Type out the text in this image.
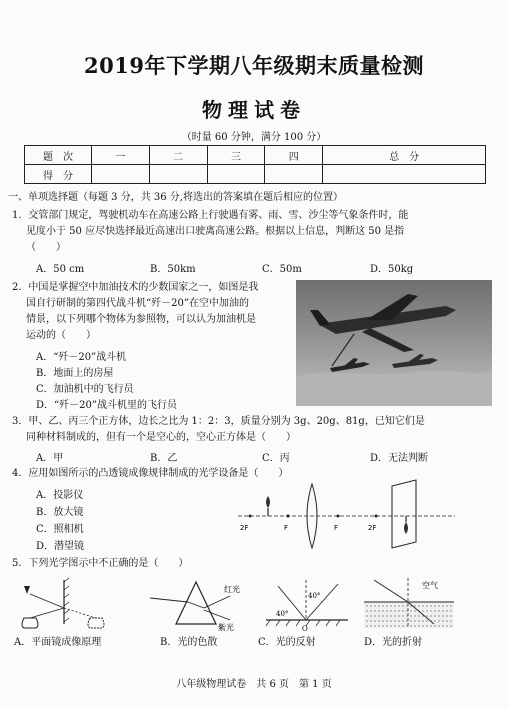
2019年下学期八年级期末质量检测
物理试卷
（时量 60 分钟，满分 100 分）
题　次	一	二	三	四	总　分
得　分					
一、单项选择题（每题 3 分，共 36 分,将选出的答案填在题后相应的位置）
1．交管部门规定，驾驶机动车在高速公路上行驶遇有雾、雨、雪、沙尘等气象条件时，能
见度小于 50 应尽快选择最近高速出口驶离高速公路。根据以上信息，判断这 50 是指
（　　）
A．50 cm	B．50km	C．50m	D．50kg
2．中国是掌握空中加油技术的少数国家之一，如图是我
国自行研制的第四代战斗机“歼－20”在空中加油的
情景，以下列哪个物体为参照物，可以认为加油机是
运动的（　　）
A．“歼－20”战斗机
B．地面上的房屋
C．加油机中的飞行员
D．“歼－20”战斗机里的飞行员
3．甲、乙、丙三个正方体，边长之比为 1：2：3，质量分别为 3g、20g、81g，已知它们是
同种材料制成的，但有一个是空心的，空心正方体是（　　）
A．甲	B．乙	C．丙	D．无法判断
4．应用如图所示的凸透镜成像规律制成的光学设备是（　　）
A．投影仪
B．放大镜
C．照相机
D．潜望镜
2F	F	F	2F
5．下列光学图示中不正确的是（　　）
A．平面镜成像原理
红光
紫光
B．光的色散
40°
40°
O
C．光的反射
空气
D．光的折射
八年级物理试卷　共 6 页　第 1 页
